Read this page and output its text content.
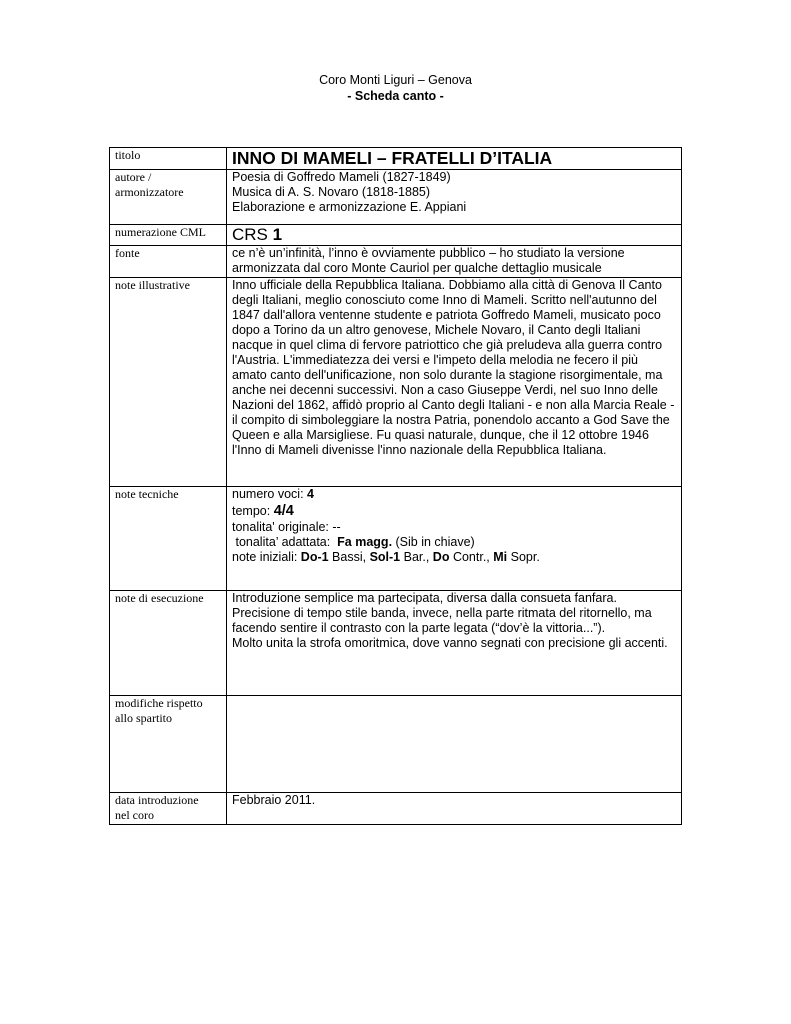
Coro Monti Liguri – Genova
- Scheda canto -
titolo	INNO DI MAMELI – FRATELLI D’ITALIA

autore /
armonizzatore	Poesia di Goffredo Mameli (1827-1849)
Musica di A. S. Novaro (1818-1885)
Elaborazione e armonizzazione E. Appiani

numerazione CML	CRS 1
fonte	ce n’è un’infinità, l’inno è ovviamente pubblico – ho studiato la versione
armonizzata dal coro Monte Cauriol per qualche dettaglio musicale

note illustrative	Inno ufficiale della Repubblica Italiana. Dobbiamo alla città di Genova Il Canto degli Italiani, meglio conosciuto come Inno di Mameli. Scritto nell'autunno del 1847 dall'allora ventenne studente e patriota Goffredo Mameli, musicato poco dopo a Torino da un altro genovese, Michele Novaro, il Canto degli Italiani nacque in quel clima di fervore patriottico che già preludeva alla guerra contro l'Austria. L'immediatezza dei versi e l'impeto della melodia ne fecero il più amato canto dell'unificazione, non solo durante la stagione risorgimentale, ma anche nei decenni successivi. Non a caso Giuseppe Verdi, nel suo Inno delle Nazioni del 1862, affidò proprio al Canto degli Italiani - e non alla Marcia Reale - il compito di simboleggiare la nostra Patria, ponendolo accanto a God Save the Queen e alla Marsigliese. Fu quasi naturale, dunque, che il 12 ottobre 1946 l'Inno di Mameli divenisse l'inno nazionale della Repubblica Italiana.
note tecniche	numero voci: 4
tempo: 4/4
tonalita' originale: --
tonalita’ adattata:  Fa magg. (Sib in chiave)
note iniziali: Do-1 Bassi, Sol-1 Bar., Do Contr., Mi Sopr.

note di esecuzione	Introduzione semplice ma partecipata, diversa dalla consueta fanfara. Precisione di tempo stile banda, invece, nella parte ritmata del ritornello, ma facendo sentire il contrasto con la parte legata (“dov’è la vittoria...”).
Molto unita la strofa omoritmica, dove vanno segnati con precisione gli accenti.

modifiche rispetto
allo spartito	

data introduzione
nel coro	Febbraio 2011.
